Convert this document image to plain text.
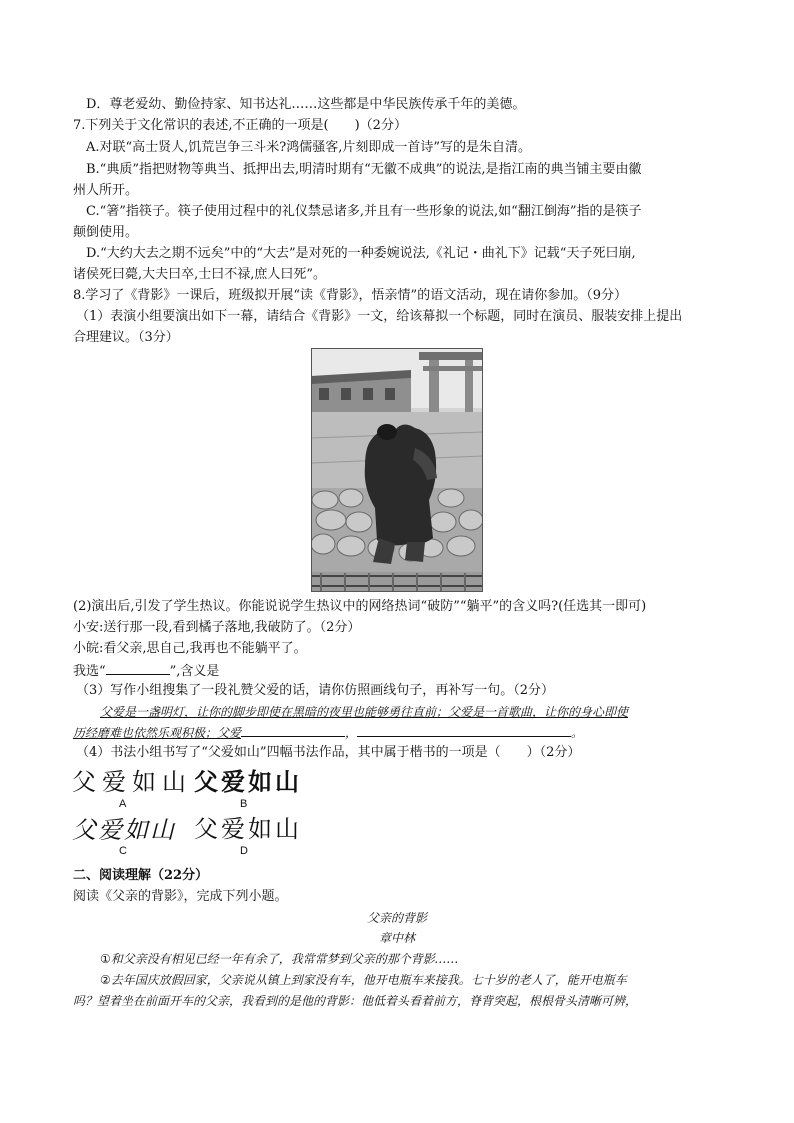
D．尊老爱幼、勤俭持家、知书达礼……这些都是中华民族传承千年的美德。
7.下列关于文化常识的表述,不正确的一项是(　　)（2分）
A.对联“高士贤人,饥荒岂争三斗米?鸿儒骚客,片刻即成一首诗”写的是朱自清。
B.“典质”指把财物等典当、抵押出去,明清时期有“无徽不成典”的说法,是指江南的典当铺主要由徽
州人所开。
C.“箸”指筷子。筷子使用过程中的礼仪禁忌诸多,并且有一些形象的说法,如“翻江倒海”指的是筷子
颠倒使用。
D.“大约大去之期不远矣”中的“大去”是对死的一种委婉说法,《礼记・曲礼下》记载“天子死曰崩,
诸侯死曰薨,大夫曰卒,士曰不禄,庶人曰死”。
8.学习了《背影》一课后，班级拟开展“读《背影》，悟亲情”的语文活动，现在请你参加。（9分）
（1）表演小组要演出如下一幕，请结合《背影》一文，给该幕拟一个标题，同时在演员、服装安排上提出
合理建议。（3分）
(2)演出后,引发了学生热议。你能说说学生热议中的网络热词“破防”“躺平”的含义吗?(任选其一即可)
小安:送行那一段,看到橘子落地,我破防了。（2分）
小皖:看父亲,思自己,我再也不能躺平了。
我选“	”,含义是
（3）写作小组搜集了一段礼赞父爱的话，请你仿照画线句子，再补写一句。（2分）
父爱是一盏明灯，让你的脚步即使在黑暗的夜里也能够勇往直前；父爱是一首歌曲，让你的身心即使
历经磨难也依然乐观积极；父爱	，	。
（4）书法小组书写了“父爱如山”四幅书法作品，其中属于楷书的一项是（　　）（2分）
父爱如山
A
父爱如山
B
父爱如山
C
父爱如山
D
二、阅读理解（22分）
阅读《父亲的背影》，完成下列小题。
父亲的背影
章中林
①和父亲没有相见已经一年有余了，我常常梦到父亲的那个背影……
②去年国庆放假回家，父亲说从镇上到家没有车，他开电瓶车来接我。七十岁的老人了，能开电瓶车
吗？望着坐在前面开车的父亲，我看到的是他的背影：他低着头看着前方，脊背突起，根根骨头清晰可辨，
